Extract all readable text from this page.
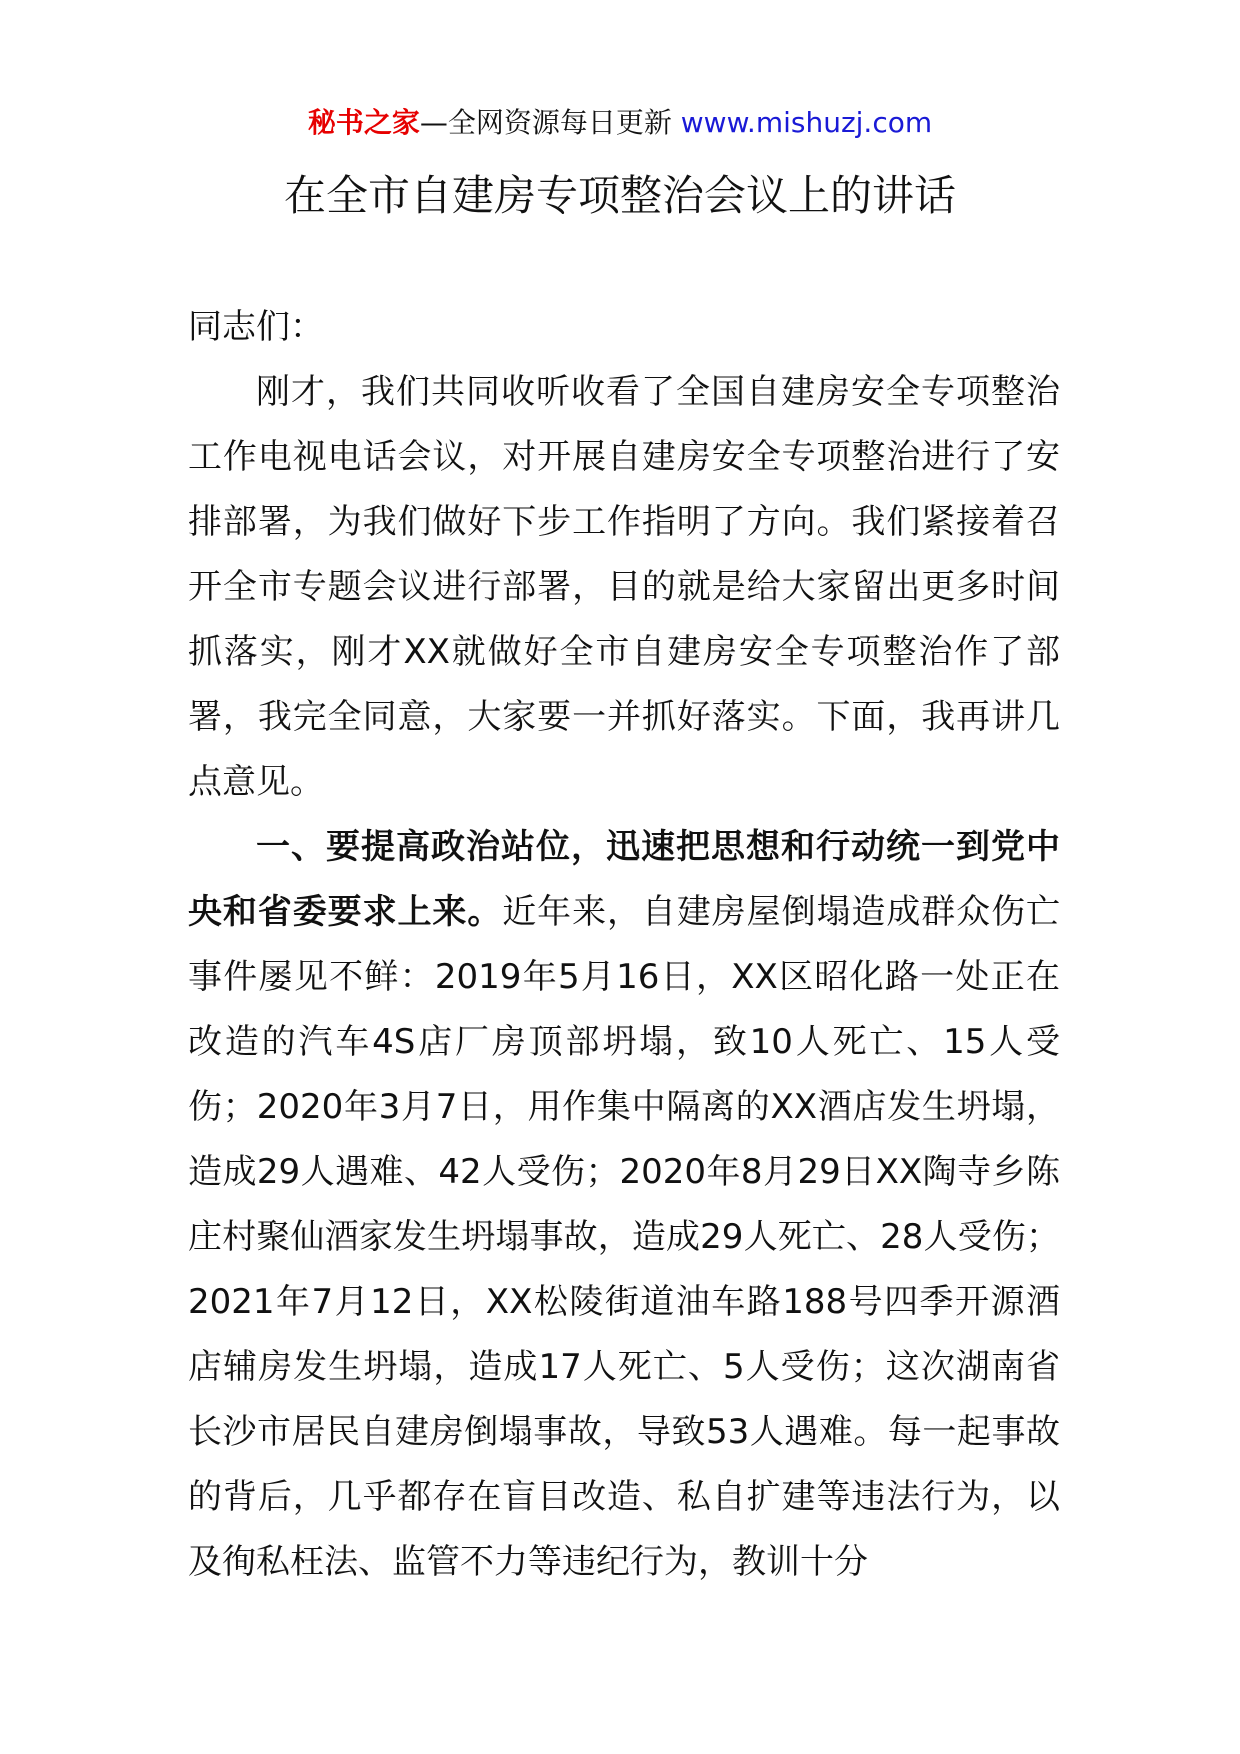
秘书之家—全网资源每日更新 www.mishuzj.com
在全市自建房专项整治会议上的讲话

同志们：

刚才，我们共同收听收看了全国自建房安全专项整治工作电视电话会议，对开展自建房安全专项整治进行了安排部署，为我们做好下步工作指明了方向。我们紧接着召开全市专题会议进行部署，目的就是给大家留出更多时间抓落实，刚才XX就做好全市自建房安全专项整治作了部署，我完全同意，大家要一并抓好落实。下面，我再讲几点意见。

一、要提高政治站位，迅速把思想和行动统一到党中央和省委要求上来。近年来，自建房屋倒塌造成群众伤亡事件屡见不鲜：2019年5月16日，XX区昭化路一处正在改造的汽车4S店厂房顶部坍塌，致10人死亡、15人受伤；2020年3月7日，用作集中隔离的XX酒店发生坍塌，造成29人遇难、42人受伤；2020年8月29日XX陶寺乡陈庄村聚仙酒家发生坍塌事故，造成29人死亡、28人受伤；2021年7月12日，XX松陵街道油车路188号四季开源酒店辅房发生坍塌，造成17人死亡、5人受伤；这次湖南省长沙市居民自建房倒塌事故，导致53人遇难。每一起事故的背后，几乎都存在盲目改造、私自扩建等违法行为，以及徇私枉法、监管不力等违纪行为，教训十分
